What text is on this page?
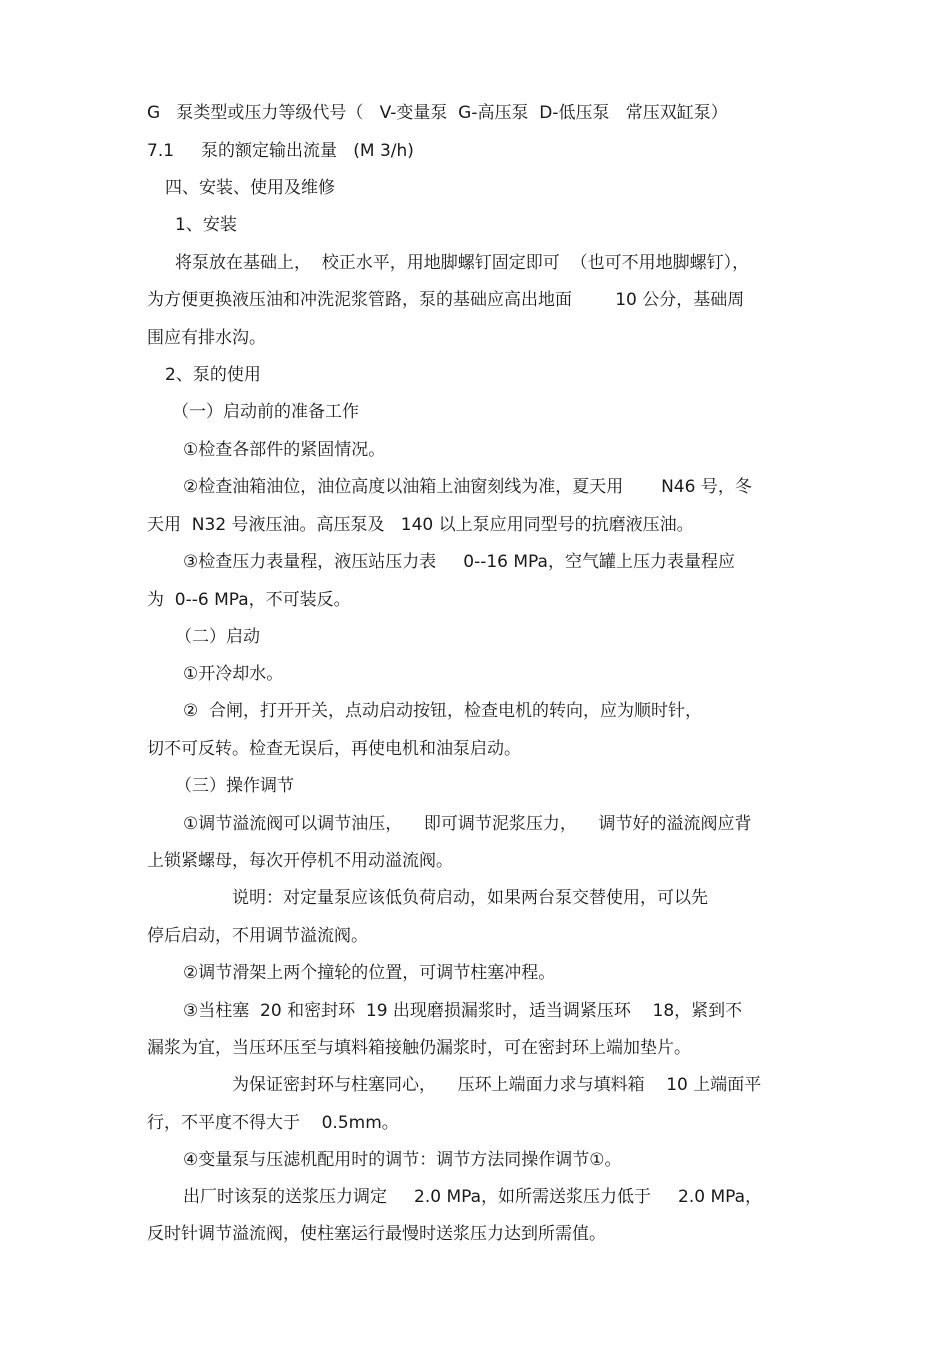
G   泵类型或压力等级代号（   V-变量泵  G-高压泵  D-低压泵   常压双缸泵）

7.1     泵的额定输出流量   (M 3/h)

四、安装、使用及维修

1、安装

将泵放在基础上，  校正水平，用地脚螺钉固定即可  （也可不用地脚螺钉），

为方便更换液压油和冲洗泥浆管路，泵的基础应高出地面        10 公分，基础周

围应有排水沟。

2、泵的使用

（一）启动前的准备工作

①检查各部件的紧固情况。

②检查油箱油位，油位高度以油箱上油窗刻线为准，夏天用       N46 号，冬

天用  N32 号液压油。高压泵及   140 以上泵应用同型号的抗磨液压油。

③检查压力表量程，液压站压力表     0--16 MPa，空气罐上压力表量程应

为  0--6 MPa，不可装反。

（二）启动

①开冷却水。

②  合闸，打开开关，点动启动按钮，检查电机的转向，应为顺时针，

切不可反转。检查无误后，再使电机和油泵启动。

（三）操作调节

①调节溢流阀可以调节油压，    即可调节泥浆压力，    调节好的溢流阀应背

上锁紧螺母，每次开停机不用动溢流阀。

说明：对定量泵应该低负荷启动，如果两台泵交替使用，可以先

停后启动，不用调节溢流阀。

②调节滑架上两个撞轮的位置，可调节柱塞冲程。

③当柱塞  20 和密封环  19 出现磨损漏浆时，适当调紧压环    18，紧到不

漏浆为宜，当压环压至与填料箱接触仍漏浆时，可在密封环上端加垫片。

为保证密封环与柱塞同心，    压环上端面力求与填料箱    10 上端面平

行，不平度不得大于    0.5mm。

④变量泵与压滤机配用时的调节：调节方法同操作调节①。

出厂时该泵的送浆压力调定     2.0 MPa，如所需送浆压力低于     2.0 MPa，

反时针调节溢流阀，使柱塞运行最慢时送浆压力达到所需值。
